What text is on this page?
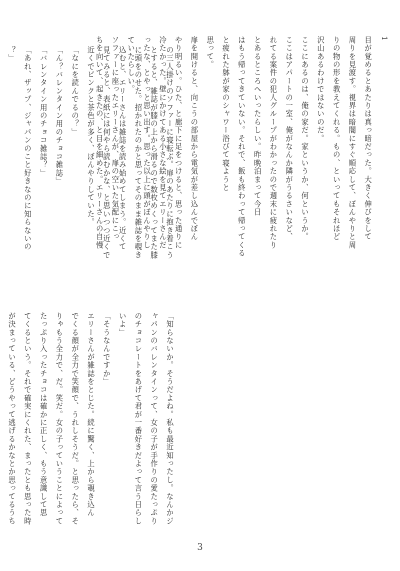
1
目が覚めるとあたりは真っ暗だった。大きく伸びをして
周りを見渡す。視界は暗闇にすぐ順応して、ぼんやりと周
りの物の形を教えてくれる。もの、といってもそれほど
沢山あるわけではないのだ。
ここにあるのは、俺の家だ。家というか、何というか。
ここはアパートの一室、俺がなんか隣がうるさいなど、
れてる案件の犯人グループがわかったので週末に疲れたり
とあるところへいったらしい。昨晩泊まって今日
はもう帰ってきていない。それで、飯も終わって帰ってくる
と疲れた躰が家のシャワー浴びて寝ようと
思って。
扉を開けると、向こうの部屋から電気が差し込んでぼん
やり明るい。ひた、と廊下に足をつけると、思った通りに
冷たかった。壁にかけてある小さな絵を見てエリーさんだ
ったな、とやっと思い出す。思った以上に頭がぼんやりし
ていたらしい。
ソファーに座ったエリーさんが、扉の空いた気配にこっ
ちを向いて、起きたの、と目を細めた。エリーさんの自慢	の三人掛けのソファーに寝転ぶ。扉のあたりに抱き着こう
とすると、雑誌が膝の上から滑るので数枚めくってまた膝
に頭をのせた。招かれたのかと思ってそのまま雑誌を覗き
込むと、エリーさんは雑誌を読み始めてしまう。近くて
見てみると、表紙には何やら読むかな、と思いつつ近くで
近くでピンクと茶色が多く、ぼんやりしていた。
「なにを読んでるの？」
「ん？バレンタイン用のチョコ雑誌」
「バレンタイン用のチョコ雑誌？」
「あれ、ザップ、ジャパンのこと好きなのに知らないの
？」
「知らないか。そうだよね。私も最近知ったし。なんかジ
ャパンのバレンタインって、女の子が手作りの愛たっぷり
のチョコレートをあげて君が一番好きだよって言う日らし
いよ」
「そうなんですか」
エリーさんが雑誌をとじた。続に驚く、上から覗き込ん
でくる顔が全力で笑顔で、うれしそうだ。と思ったら、そ
りゃもう全力で、だ。笑だ。女の子っていうことによって
たっぷり入ったチョコは確かに正しく、もう意識して思
てくるという。それで確実にくれた、まったとも思った時
が決まっている、どうやって逃げるかなとか思ってるうち
3
